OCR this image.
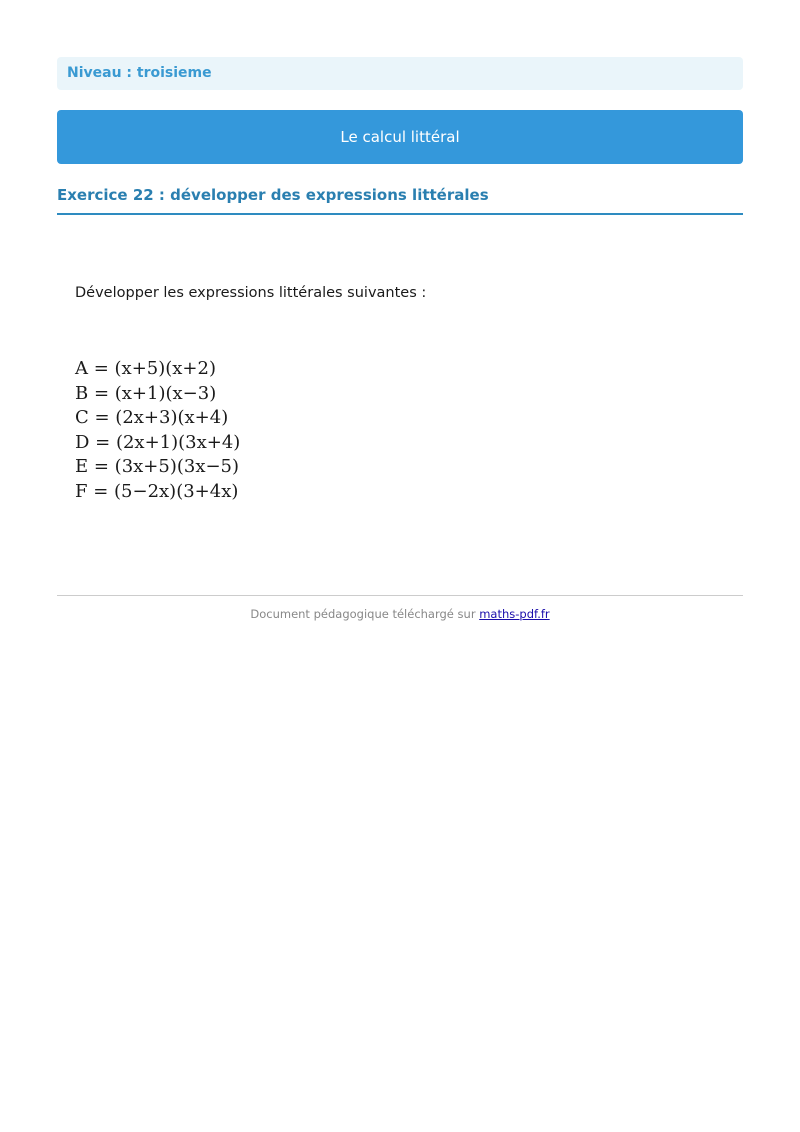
Niveau : troisieme
Le calcul littéral
Exercice 22 : développer des expressions littérales
Développer les expressions littérales suivantes :
A = (x+5)(x+2)
B = (x+1)(x−3)
C = (2x+3)(x+4)
D = (2x+1)(3x+4)
E = (3x+5)(3x−5)
F = (5−2x)(3+4x)
Document pédagogique téléchargé sur maths-pdf.fr
